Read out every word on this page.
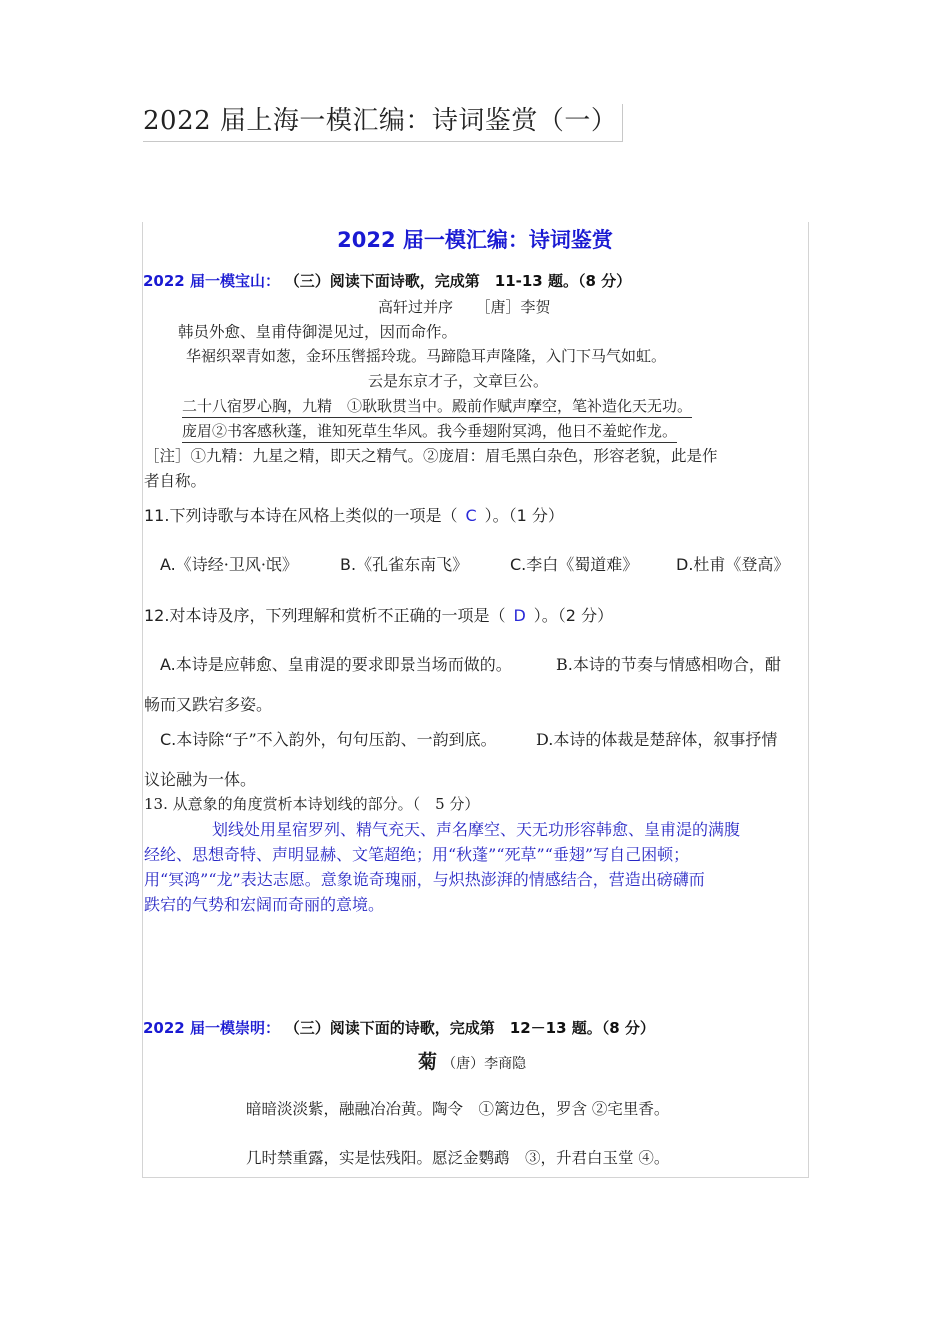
2022 届上海一模汇编：诗词鉴赏（一）
2022 届一模汇编：诗词鉴赏
2022 届一模宝山： （三）阅读下面诗歌，完成第　11-13 题。（8 分）
高轩过并序　　［唐］李贺
韩员外愈、皇甫侍御湜见过，因而命作。
华裾织翠青如葱，金环压辔摇玲珑。马蹄隐耳声隆隆，入门下马气如虹。
云是东京才子，文章巨公。
二十八宿罗心胸，九精　①耿耿贯当中。殿前作赋声摩空，笔补造化天无功。
庞眉②书客感秋蓬，谁知死草生华风。我今垂翅附冥鸿，他日不羞蛇作龙。
［注］①九精：九星之精，即天之精气。②庞眉：眉毛黑白杂色，形容老貌，此是作
者自称。
11.下列诗歌与本诗在风格上类似的一项是（ C ）。（1 分）
A.《诗经·卫风·氓》	B.《孔雀东南飞》	C.李白《蜀道难》 D.杜甫《登高》
12.对本诗及序，下列理解和赏析不正确的一项是（ D ）。（2 分）
A.本诗是应韩愈、皇甫湜的要求即景当场而做的。	B.本诗的节奏与情感相吻合，酣
畅而又跌宕多姿。
C.本诗除“子”不入韵外，句句压韵、一韵到底。 D.本诗的体裁是楚辞体，叙事抒情
议论融为一体。
13. 从意象的角度赏析本诗划线的部分。（　5 分）
划线处用星宿罗列、精气充天、声名摩空、天无功形容韩愈、皇甫湜的满腹
经纶、思想奇特、声明显赫、文笔超绝；用“秋蓬”“死草”“垂翅”写自己困顿；
用“冥鸿”“龙”表达志愿。意象诡奇瑰丽，与炽热澎湃的情感结合，营造出磅礴而
跌宕的气势和宏阔而奇丽的意境。
2022 届一模崇明： （三）阅读下面的诗歌，完成第　12－13 题。（8 分）
菊 （唐）李商隐
暗暗淡淡紫，融融冶冶黄。陶令　①篱边色，罗含 ②宅里香。
几时禁重露，实是怯残阳。愿泛金鹦鹉　③，升君白玉堂 ④。
